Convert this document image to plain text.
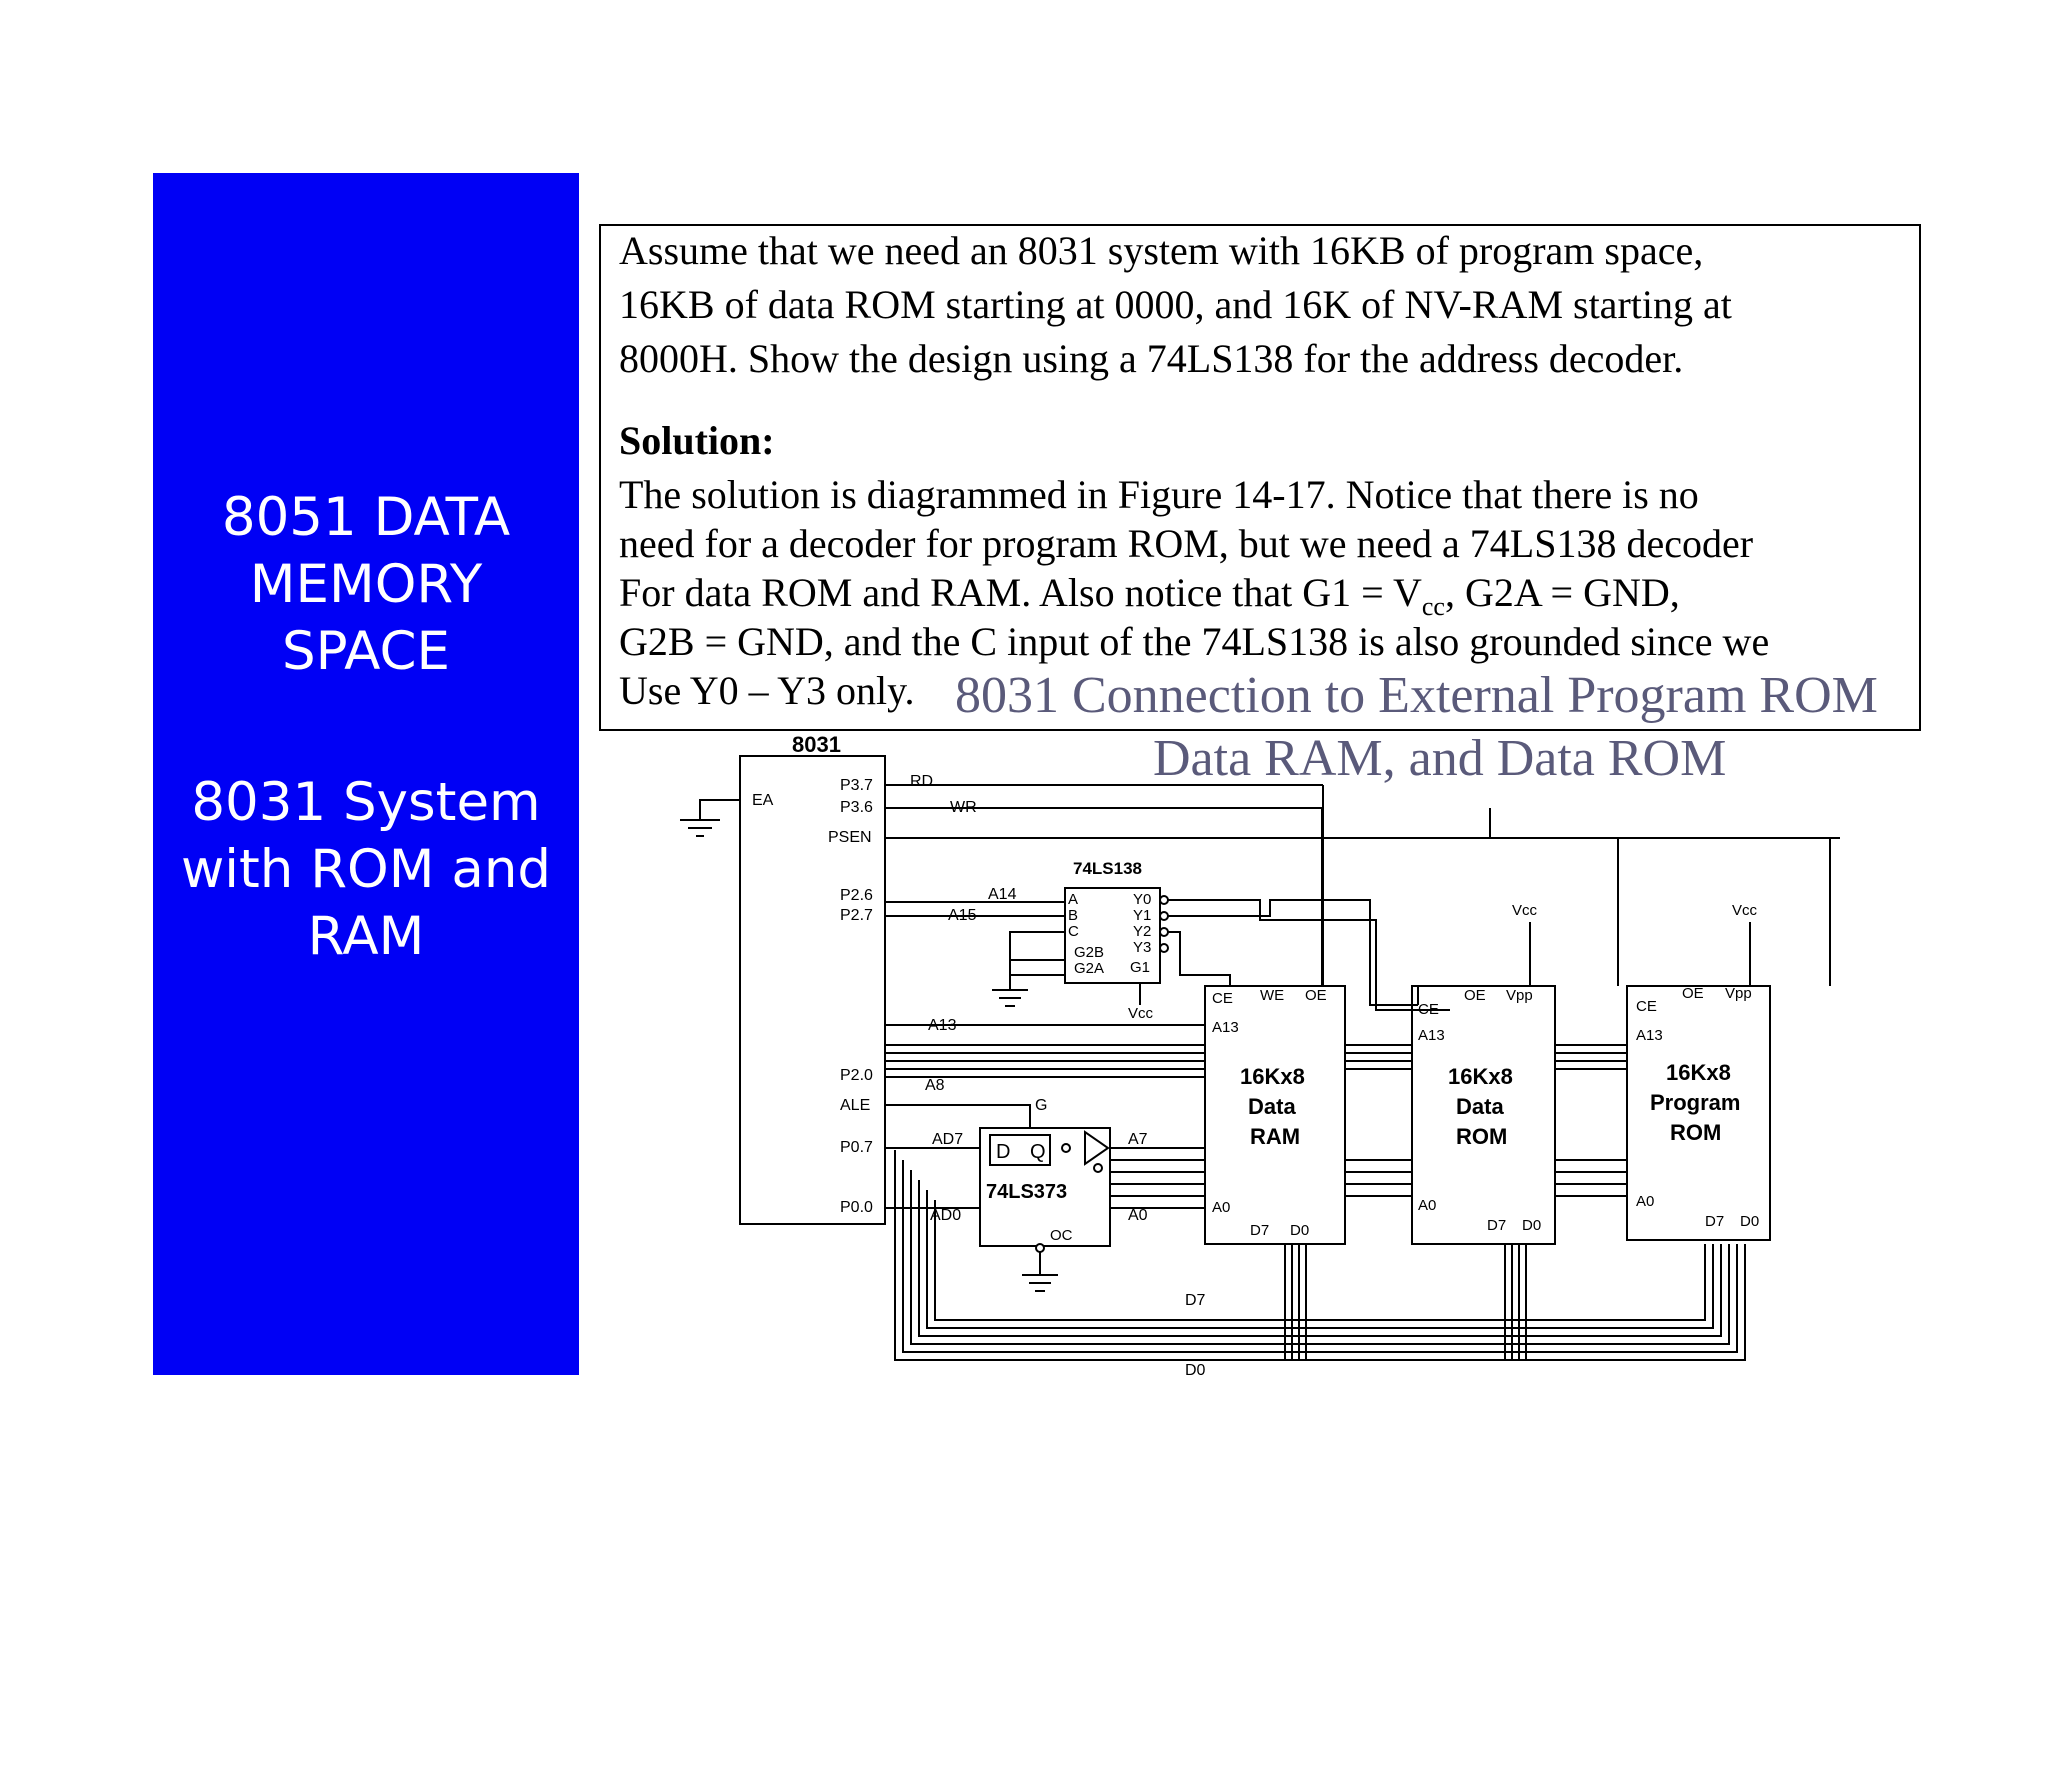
8051 DATA
MEMORY
SPACE
8031 System
with ROM and
RAM
Assume that we need an 8031 system with 16KB of program space,
16KB of data ROM starting at 0000, and 16K of NV-RAM starting at
8000H. Show the design using a 74LS138 for the address decoder.
Solution:
The solution is diagrammed in Figure 14-17. Notice that there is no
need for a decoder for program ROM, but we need a 74LS138 decoder
For data ROM and RAM. Also notice that $G1 = V_{cc}$, G2A = GND,
G2B = GND, and the C input of the 74LS138 is also grounded since we
Use Y0 – Y3 only. 8031 Connection to External Program ROM
Data RAM, and Data ROM
8031
EA
P3.7
P3.6
PSEN
P2.6
P2.7
P2.0
ALE
P0.7
P0.0
RD
WR
A14
A15
A13
A8
AD7
AD0
A7
A0
G
D7
D0
Vcc
Vcc	Vcc
74LS138
A
B
C
G2B
G2A
Y0
Y1
Y2
Y3
G1
D Q
74LS373
OC
CE WE OE
A13
16Kx8
Data
RAM
A0
D7 D0
CE
OE Vpp
A13
16Kx8
Data
ROM
A0
D7 D0
CE
OE Vpp
A13
16Kx8
Program
ROM
A0
D7 D0
